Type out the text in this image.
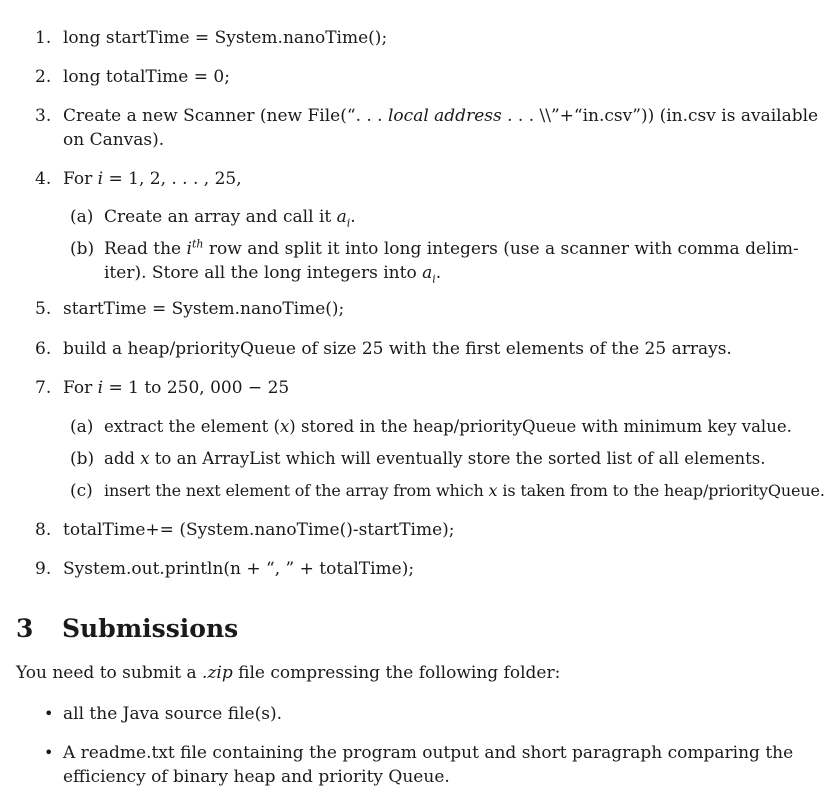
1. long startTime = System.nanoTime();
2. long totalTime = 0;
3. Create a new Scanner (new File(“. . . local address . . . \\”+“in.csv”)) (in.csv is available
on Canvas).
4. For i = 1, 2, . . . , 25,
(a) Create an array and call it $a_i$.
(b) Read the $i^{th}$ row and split it into long integers (use a scanner with comma delim-
iter). Store all the long integers into $a_i$.
5. startTime = System.nanoTime();
6. build a heap/priorityQueue of size 25 with the first elements of the 25 arrays.
7. For i = 1 to 250, 000 − 25
(a) extract the element (x) stored in the heap/priorityQueue with minimum key value.
(b) add x to an ArrayList which will eventually store the sorted list of all elements.
(c) insert the next element of the array from which x is taken from to the heap/priorityQueue.
8. totalTime+= (System.nanoTime()-startTime);
9. System.out.println(n + “, ” + totalTime);
3 Submissions
You need to submit a .zip file compressing the following folder:
• all the Java source file(s).
• A readme.txt file containing the program output and short paragraph comparing the
efficiency of binary heap and priority Queue.
